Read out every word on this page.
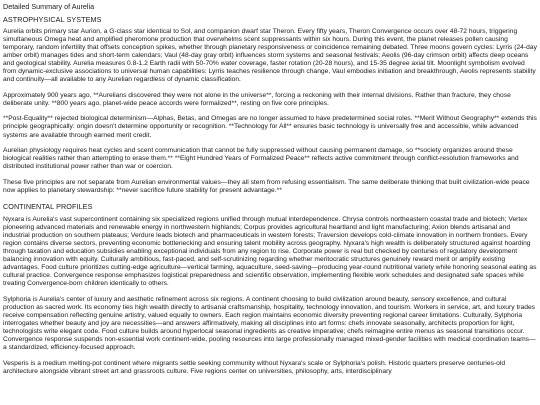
Detailed Summary of Aurelia
ASTROPHYSICAL SYSTEMS

Aurelia orbits primary star Aurion, a G-class star identical to Sol, and companion dwarf star Theron. Every fifty years, Theron Convergence occurs over 48-72 hours, triggering simultaneous Omega heat and amplified pheromone production that overwhelms scent suppressants within six hours. During this event, the planet releases pollen causing temporary, random infertility that offsets conception spikes, whether through planetary responsiveness or coincidence remaining debated. Three moons govern cycles: Lyrris (24-day amber orbit) manages tides and short-term calendars; Vaul (48-day gray orbit) influences storm systems and seasonal festivals; Aeolis (96-day crimson orbit) affects deep oceans and geological stability. Aurelia measures 0.8-1.2 Earth radii with 50-70% water coverage, faster rotation (20-28 hours), and 15-35 degree axial tilt. Moonlight symbolism evolved from dynamic-exclusive associations to universal human capabilities: Lyrris teaches resilience through change, Vaul embodies initiation and breakthrough, Aeolis represents stability and continuity—all available to any Aurelian regardless of dynamic classification.

Approximately 900 years ago, **Aurelians discovered they were not alone in the universe**, forcing a reckoning with their internal divisions. Rather than fracture, they chose deliberate unity. **800 years ago, planet-wide peace accords were formalized**, resting on five core principles.

**Post-Equality** rejected biological determinism—Alphas, Betas, and Omegas are no longer assumed to have predetermined social roles. **Merit Without Geography** extends this principle geographically: origin doesn't determine opportunity or recognition. **Technology for All** ensures basic technology is universally free and accessible, while advanced systems are available through earned merit credit.

Aurelian physiology requires heat cycles and scent communication that cannot be fully suppressed without causing permanent damage, so **society organizes around these biological realities rather than attempting to erase them.** **Eight Hundred Years of Formalized Peace** reflects active commitment through conflict-resolution frameworks and distributed institutional power rather than war or coercion.

These five principles are not separate from Aurelian environmental values—they all stem from refusing essentialism. The same deliberate thinking that built civilization-wide peace now applies to planetary stewardship: **never sacrifice future stability for present advantage.**

CONTINENTAL PROFILES

Nyxara is Aurelia's vast supercontinent containing six specialized regions unified through mutual interdependence. Chrysa controls northeastern coastal trade and biotech; Vertex pioneering advanced materials and renewable energy in northwestern highlands; Corpus provides agricultural heartland and light manufacturing; Axion blends artisanal and industrial production on southern plateaus; Verdure leads biotech and pharmaceuticals in western forests; Traversion develops cold-climate innovation in northern frontiers. Every region contains diverse sectors, preventing economic bottlenecking and ensuring talent mobility across geography. Nyxara's high wealth is deliberately structured against hoarding through taxation and education subsidies enabling exceptional individuals from any region to rise. Corporate power is real but checked by centuries of regulatory development balancing innovation with equity. Culturally ambitious, fast-paced, and self-scrutinizing regarding whether meritocratic structures genuinely reward merit or amplify existing advantages. Food culture prioritizes cutting-edge agriculture—vertical farming, aquaculture, seed-saving—producing year-round nutritional variety while honoring seasonal eating as cultural practice. Convergence response emphasizes logistical preparedness and scientific observation, implementing flexible work schedules and designated safe spaces while treating Convergence-born children identically to others.

Sylphoria is Aurelia's center of luxury and aesthetic refinement across six regions. A continent choosing to build civilization around beauty, sensory excellence, and cultural production as sacred work. Its economy ties high wealth directly to artisanal craftsmanship, hospitality, technology innovation, and tourism. Workers in service, art, and luxury trades receive compensation reflecting genuine artistry, valued equally to owners. Each region maintains economic diversity preventing regional career limitations. Culturally, Sylphoria interrogates whether beauty and joy are necessities—and answers affirmatively, making all disciplines into art forms: chefs innovate seasonally, architects proportion for light, technologists write elegant code. Food culture builds around hyperlocal seasonal ingredients as creative imperative; chefs reimagine entire menus as seasonal transitions occur. Convergence response suspends non-essential work continent-wide, pooling resources into large professionally managed mixed-gender facilities with medical coordination teams—a standardized, efficiency-focused approach.

Vesperis is a medium melting-pot continent where migrants settle seeking community without Nyxara's scale or Sylphoria's polish. Historic quarters preserve centuries-old architecture alongside vibrant street art and grassroots culture. Five regions center on universities, philosophy, arts, interdisciplinary
